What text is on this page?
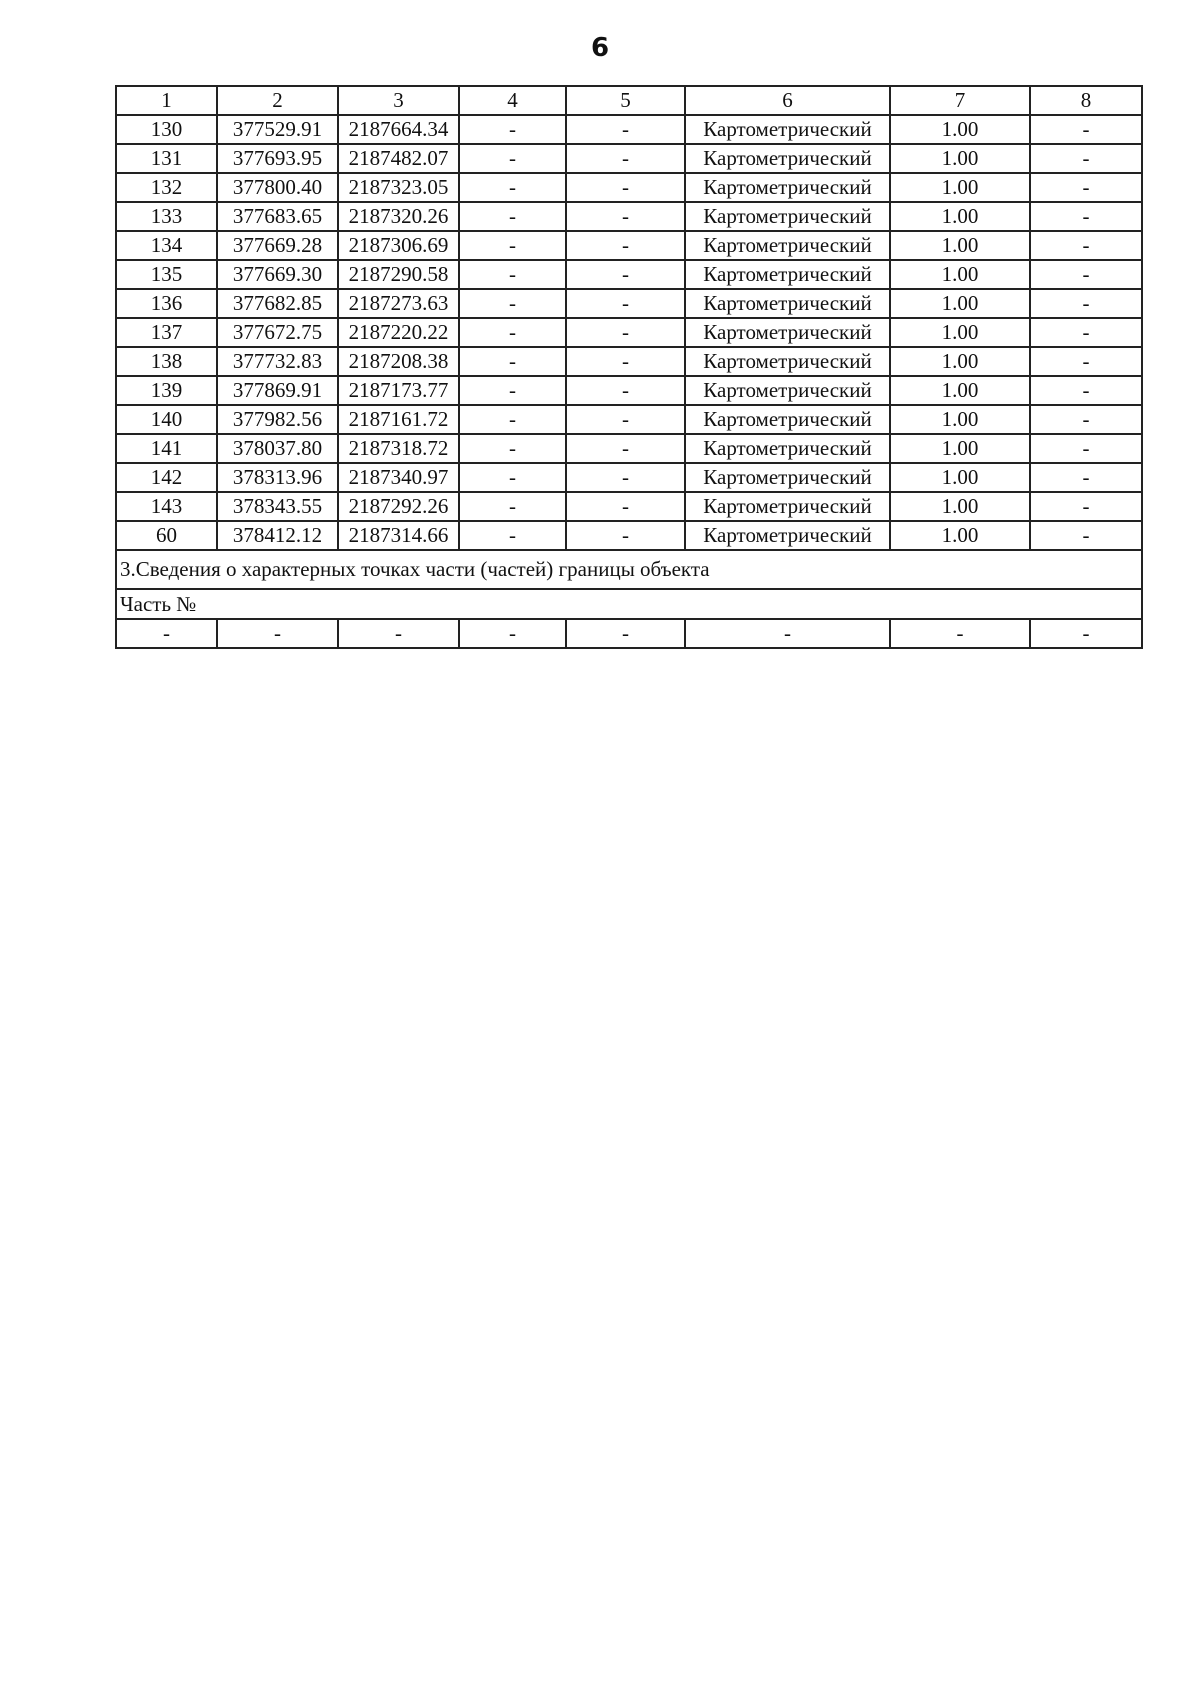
6
1	2	3	4	5	6	7	8
130	377529.91	2187664.34	-	-	Картометрический	1.00	-
131	377693.95	2187482.07	-	-	Картометрический	1.00	-
132	377800.40	2187323.05	-	-	Картометрический	1.00	-
133	377683.65	2187320.26	-	-	Картометрический	1.00	-
134	377669.28	2187306.69	-	-	Картометрический	1.00	-
135	377669.30	2187290.58	-	-	Картометрический	1.00	-
136	377682.85	2187273.63	-	-	Картометрический	1.00	-
137	377672.75	2187220.22	-	-	Картометрический	1.00	-
138	377732.83	2187208.38	-	-	Картометрический	1.00	-
139	377869.91	2187173.77	-	-	Картометрический	1.00	-
140	377982.56	2187161.72	-	-	Картометрический	1.00	-
141	378037.80	2187318.72	-	-	Картометрический	1.00	-
142	378313.96	2187340.97	-	-	Картометрический	1.00	-
143	378343.55	2187292.26	-	-	Картометрический	1.00	-
60	378412.12	2187314.66	-	-	Картометрический	1.00	-
3.Сведения о характерных точках части (частей) границы объекта							
Часть №							
-	-	-	-	-	-	-	-
